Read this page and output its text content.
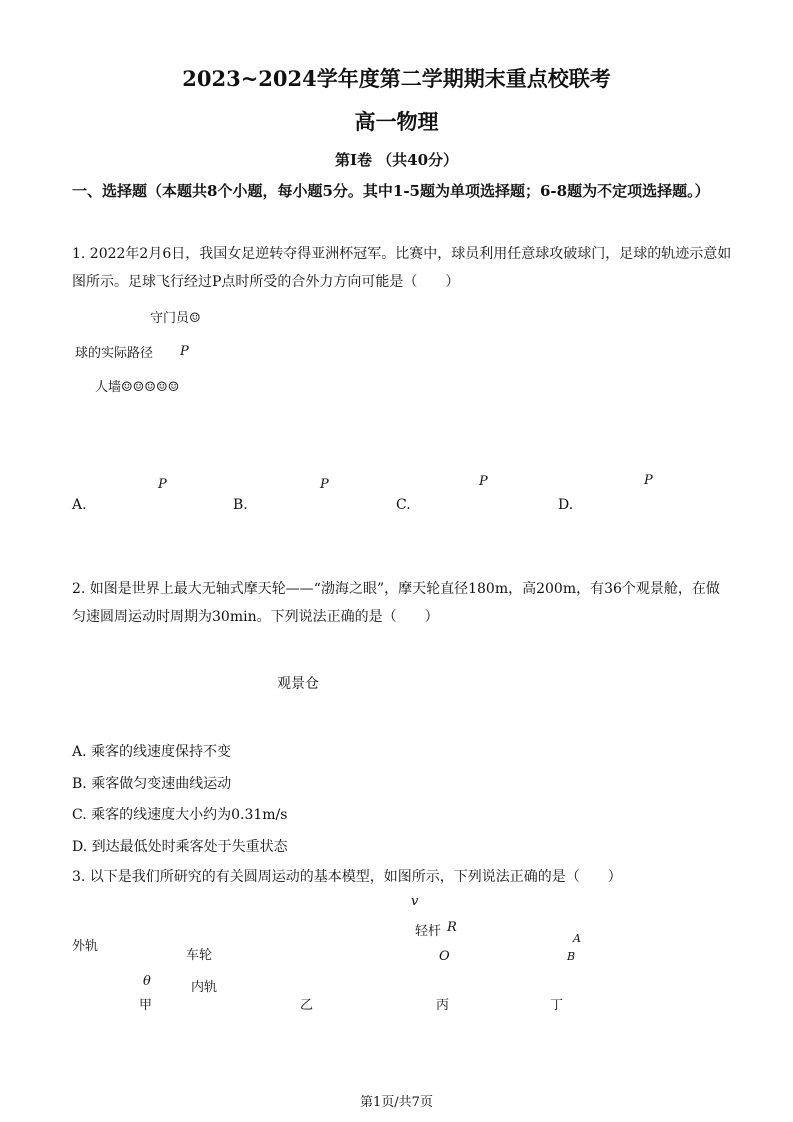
2023~2024学年度第二学期期末重点校联考
高一物理
第Ⅰ卷 （共40分）
一、选择题（本题共8个小题，每小题5分。其中1-5题为单项选择题；6-8题为不定项选择题。）
1. 2022年2月6日，我国女足逆转夺得亚洲杯冠军。比赛中，球员利用任意球攻破球门，足球的轨迹示意如图所示。足球飞行经过P点时所受的合外力方向可能是（　　）
守门员☺
球的实际路径 P
人墙☺☺☺☺☺
A.
P
B.
P
C.
P
D.
P
2. 如图是世界上最大无轴式摩天轮——“渤海之眼”，摩天轮直径180m，高200m，有36个观景舱，在做匀速圆周运动时周期为30min。下列说法正确的是（　　）
观景仓
A. 乘客的线速度保持不变
B. 乘客做匀变速曲线运动
C. 乘客的线速度大小约为0.31m/s
D. 到达最低处时乘客处于失重状态
3. 以下是我们所研究的有关圆周运动的基本模型，如图所示，下列说法正确的是（　　）
外轨
车轮
内轨
θ
甲	乙
v
轻杆 R
O
丙
A
B
丁
第1页/共7页
